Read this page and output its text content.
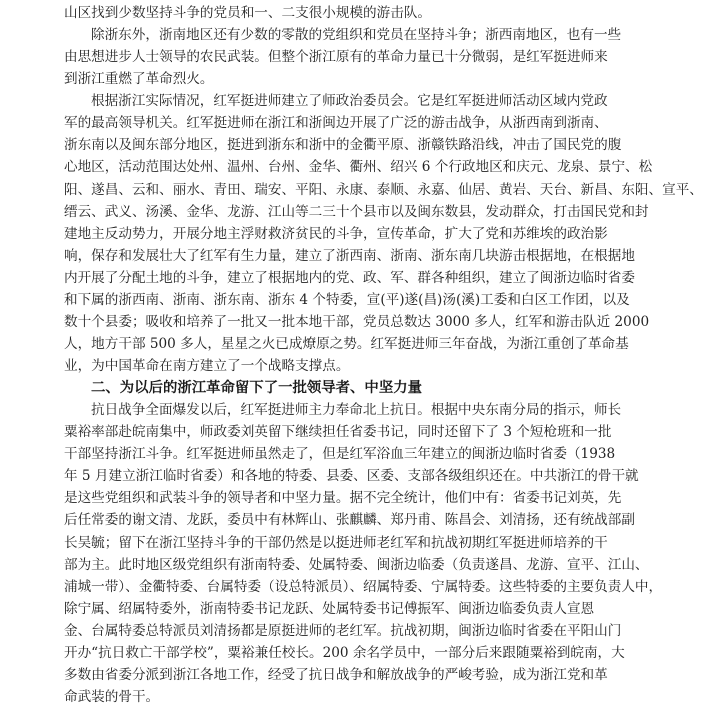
山区找到少数坚持斗争的党员和一、二支很小规模的游击队。
除浙东外，浙南地区还有少数的零散的党组织和党员在坚持斗争；浙西南地区，也有一些
由思想进步人士领导的农民武装。但整个浙江原有的革命力量已十分微弱，是红军挺进师来
到浙江重燃了革命烈火。
根据浙江实际情况，红军挺进师建立了师政治委员会。它是红军挺进师活动区域内党政
军的最高领导机关。红军挺进师在浙江和浙闽边开展了广泛的游击战争，从浙西南到浙南、
浙东南以及闽东部分地区，挺进到浙东和浙中的金衢平原、浙赣铁路沿线，冲击了国民党的腹
心地区，活动范围达处州、温州、台州、金华、衢州、绍兴 6 个行政地区和庆元、龙泉、景宁、松
阳、遂昌、云和、丽水、青田、瑞安、平阳、永康、泰顺、永嘉、仙居、黄岩、天台、新昌、东阳、宣平、
缙云、武义、汤溪、金华、龙游、江山等二三十个县市以及闽东数县，发动群众，打击国民党和封
建地主反动势力，开展分地主浮财救济贫民的斗争，宣传革命，扩大了党和苏维埃的政治影
响，保存和发展壮大了红军有生力量，建立了浙西南、浙南、浙东南几块游击根据地，在根据地
内开展了分配土地的斗争，建立了根据地内的党、政、军、群各种组织，建立了闽浙边临时省委
和下属的浙西南、浙南、浙东南、浙东 4 个特委，宣(平)遂(昌)汤(溪)工委和白区工作团，以及
数十个县委；吸收和培养了一批又一批本地干部，党员总数达 3000 多人，红军和游击队近 2000
人，地方干部 500 多人，星星之火已成燎原之势。红军挺进师三年奋战，为浙江重创了革命基
业，为中国革命在南方建立了一个战略支撑点。
二、为以后的浙江革命留下了一批领导者、中坚力量
抗日战争全面爆发以后，红军挺进师主力奉命北上抗日。根据中央东南分局的指示，师长
粟裕率部赴皖南集中，师政委刘英留下继续担任省委书记，同时还留下了 3 个短枪班和一批
干部坚持浙江斗争。红军挺进师虽然走了，但是红军浴血三年建立的闽浙边临时省委（1938
年 5 月建立浙江临时省委）和各地的特委、县委、区委、支部各级组织还在。中共浙江的骨干就
是这些党组织和武装斗争的领导者和中坚力量。据不完全统计，他们中有：省委书记刘英，先
后任常委的谢文清、龙跃，委员中有林辉山、张麒麟、郑丹甫、陈昌会、刘清扬，还有统战部副
长吴毓；留下在浙江坚持斗争的干部仍然是以挺进师老红军和抗战初期红军挺进师培养的干
部为主。此时地区级党组织有浙南特委、处属特委、闽浙边临委（负责遂昌、龙游、宣平、江山、
浦城一带）、金衢特委、台属特委（设总特派员）、绍属特委、宁属特委。这些特委的主要负责人中，
除宁属、绍属特委外，浙南特委书记龙跃、处属特委书记傅振军、闽浙边临委负责人宣恩
金、台属特委总特派员刘清扬都是原挺进师的老红军。抗战初期，闽浙边临时省委在平阳山门
开办“抗日救亡干部学校”，粟裕兼任校长。200 余名学员中，一部分后来跟随粟裕到皖南，大
多数由省委分派到浙江各地工作，经受了抗日战争和解放战争的严峻考验，成为浙江党和革
命武装的骨干。
